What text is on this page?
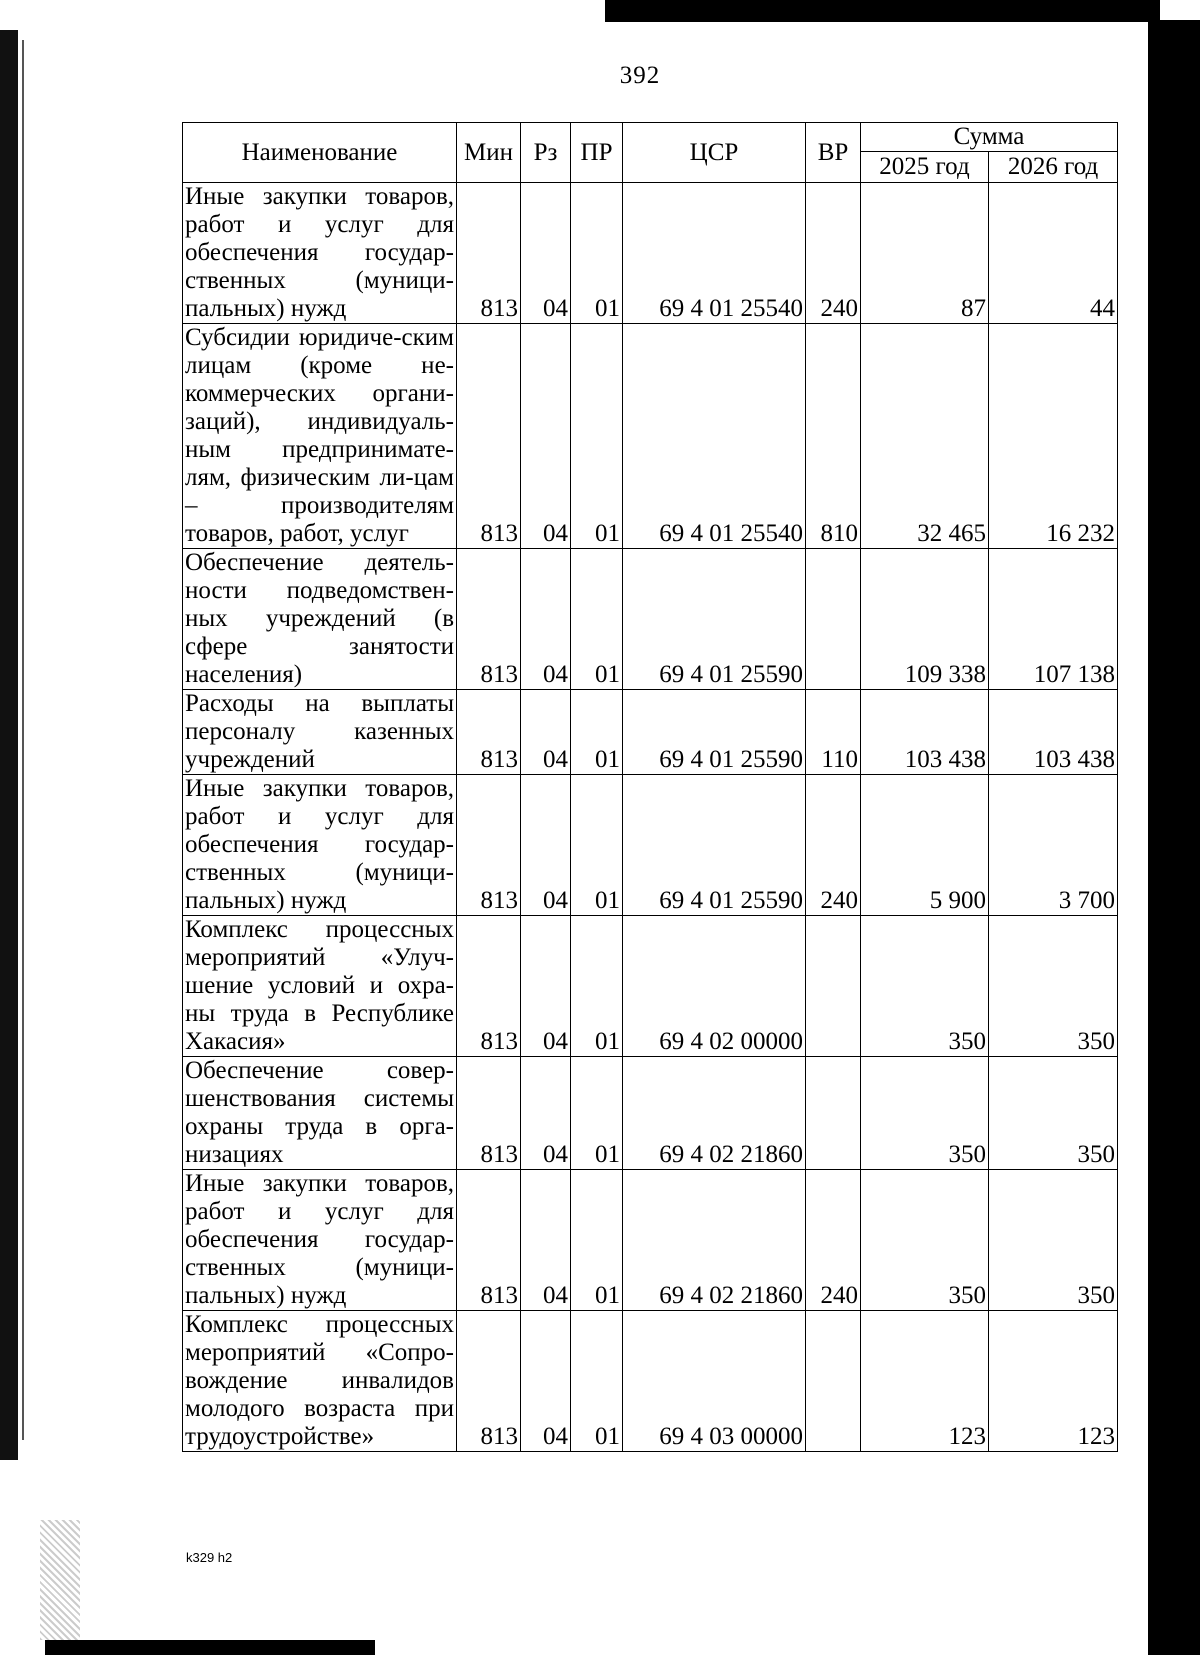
392
Наименование	Мин	Рз	ПР	ЦСР	ВР	Сумма	
						2025 год	2026 год
Иные закупки товаров, работ и услуг для обеспечения государ-ственных (муници-пальных) нужд	813	04	01	69 4 01 25540	240	87	44
Субсидии юридиче-ским лицам (кроме не-коммерческих органи-заций), индивидуаль-ным предпринимате-лям, физическим ли-цам – производителям товаров, работ, услуг	813	04	01	69 4 01 25540	810	32 465	16 232
Обеспечение деятель-ности подведомствен-ных учреждений (в сфере занятости населения)	813	04	01	69 4 01 25590		109 338	107 138
Расходы на выплаты персоналу казенных учреждений	813	04	01	69 4 01 25590	110	103 438	103 438
Иные закупки товаров, работ и услуг для обеспечения государ-ственных (муници-пальных) нужд	813	04	01	69 4 01 25590	240	5 900	3 700
Комплекс процессных мероприятий «Улуч-шение условий и охра-ны труда в Республике Хакасия»	813	04	01	69 4 02 00000		350	350
Обеспечение совер-шенствования системы охраны труда в орга-низациях	813	04	01	69 4 02 21860		350	350
Иные закупки товаров, работ и услуг для обеспечения государ-ственных (муници-пальных) нужд	813	04	01	69 4 02 21860	240	350	350
Комплекс процессных мероприятий «Сопро-вождение инвалидов молодого возраста при трудоустройстве»	813	04	01	69 4 03 00000		123	123
k329 h2
